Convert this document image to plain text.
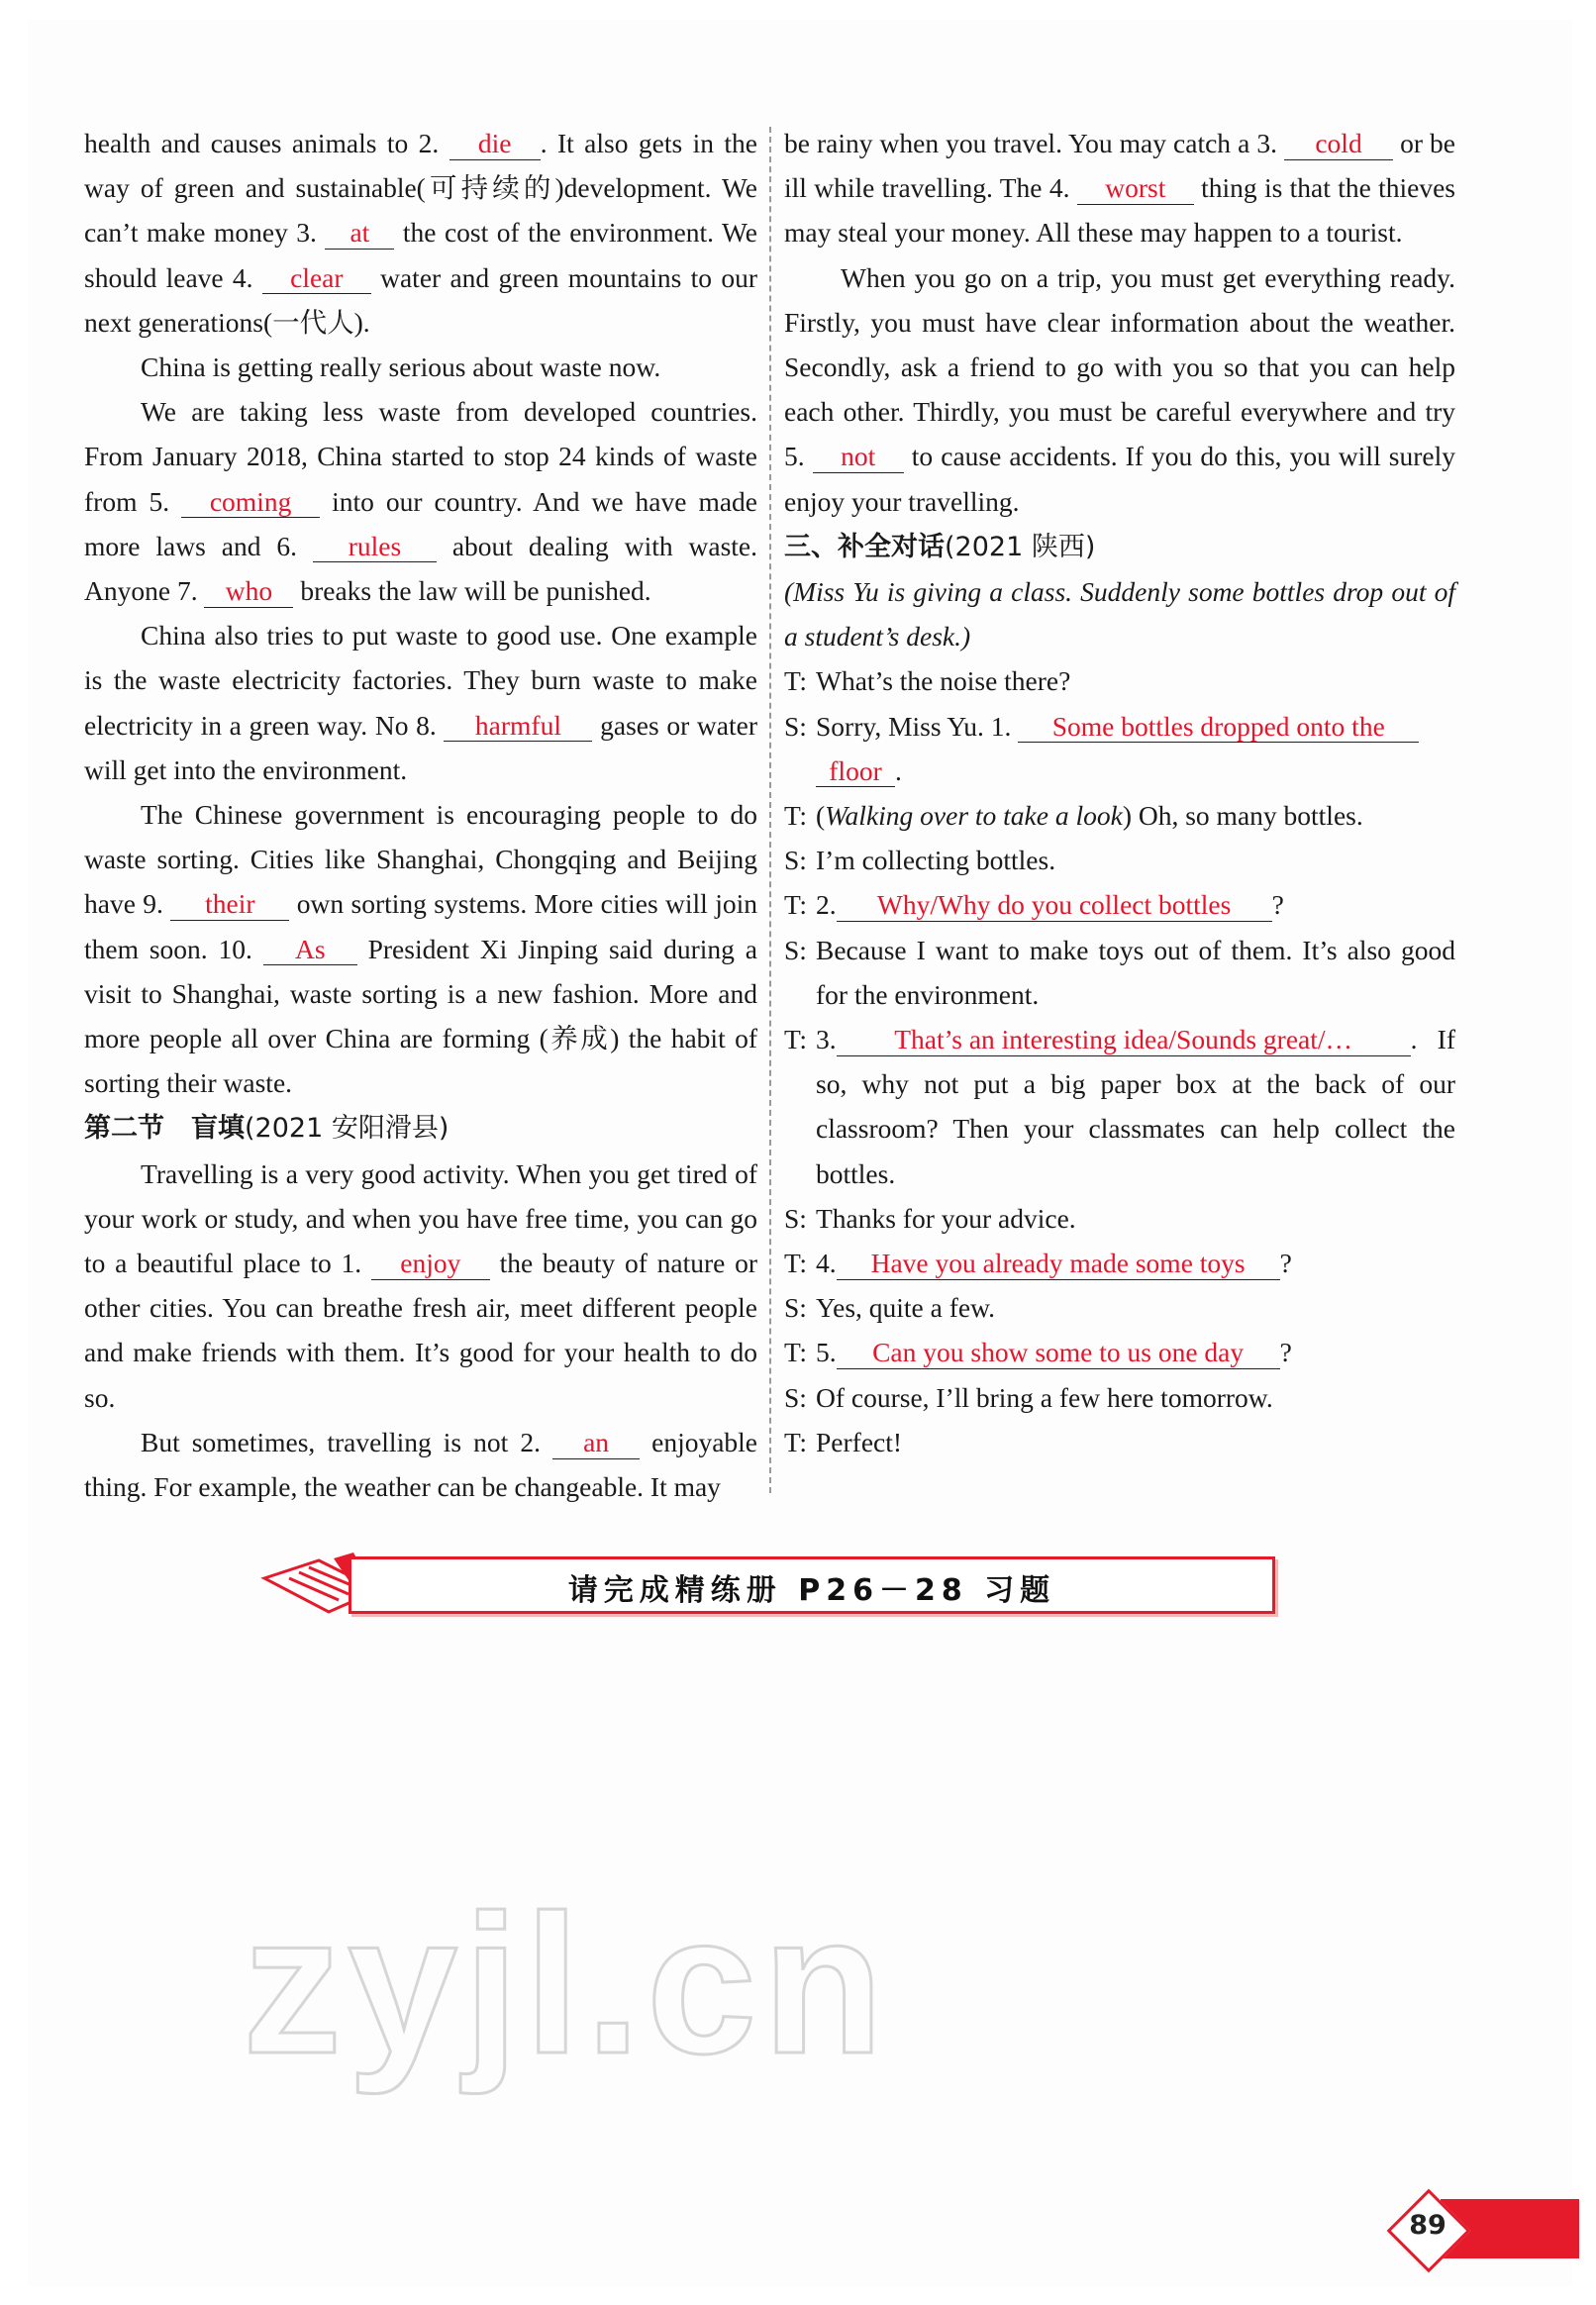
health and causes animals to 2. die . It also gets in the way of green and sustainable(可持续的)development. We can’t make money 3. at the cost of the environment. We should leave 4. clear water and green mountains to our next generations(一代人).

China is getting really serious about waste now.

We are taking less waste from developed countries. From January 2018, China started to stop 24 kinds of waste from 5. coming into our country. And we have made more laws and 6. rules about dealing with waste. Anyone 7. who breaks the law will be punished.

China also tries to put waste to good use. One example is the waste electricity factories. They burn waste to make electricity in a green way. No 8. harmful gases or water will get into the environment.

The Chinese government is encouraging people to do waste sorting. Cities like Shanghai, Chongqing and Beijing have 9. their own sorting systems. More cities will join them soon. 10. As President Xi Jinping said during a visit to Shanghai, waste sorting is a new fashion. More and more people all over China are forming (养成) the habit of sorting their waste.

第二节　盲填(2021 安阳滑县)

Travelling is a very good activity. When you get tired of your work or study, and when you have free time, you can go to a beautiful place to 1. enjoy the beauty of nature or other cities. You can breathe fresh air, meet different people and make friends with them. It’s good for your health to do so.

But sometimes, travelling is not 2. an enjoyable thing. For example, the weather can be changeable. It may

be rainy when you travel. You may catch a 3. cold or be ill while travelling. The 4. worst thing is that the thieves may steal your money. All these may happen to a tourist.

When you go on a trip, you must get everything ready. Firstly, you must have clear information about the weather. Secondly, ask a friend to go with you so that you can help each other. Thirdly, you must be careful everywhere and try 5. not to cause accidents. If you do this, you will surely enjoy your travelling.

三、补全对话(2021 陕西)

(Miss Yu is giving a class. Suddenly some bottles drop out of a student’s desk.)

T: What’s the noise there?
S: Sorry, Miss Yu. 1. Some bottles dropped onto the
floor .
T: (Walking over to take a look) Oh, so many bottles.
S: I’m collecting bottles.
T: 2. Why/Why do you collect bottles ?
S: Because I want to make toys out of them. It’s also good for the environment.
T: 3. That’s an interesting idea/Sounds great/… . If so, why not put a big paper box at the back of our classroom? Then your classmates can help collect the bottles.
S: Thanks for your advice.
T: 4. Have you already made some toys ?
S: Yes, quite a few.
T: 5. Can you show some to us one day ?
S: Of course, I’ll bring a few here tomorrow.
T: Perfect!
请完成精练册 P26－28 习题
zyjl.cn
89
